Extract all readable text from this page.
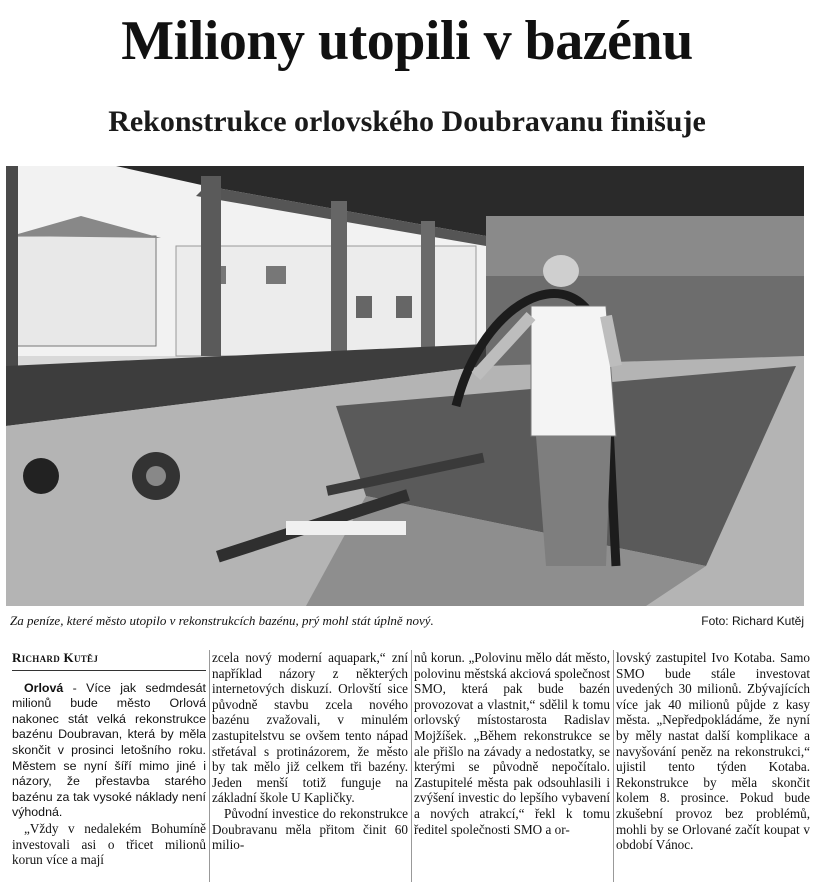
Miliony utopili v bazénu
Rekonstrukce orlovského Doubravanu finišuje
Za peníze, které město utopilo v rekonstrukcích bazénu, prý mohl stát úplně nový.	Foto: Richard Kutěj

Richard Kutěj

Orlová - Více jak sedmdesát milionů bude město Orlová nakonec stát velká rekonstrukce bazénu Doubravan, která by měla skončit v prosinci letošního roku. Městem se nyní šíří mimo jiné i názory, že přestavba starého bazénu za tak vysoké náklady není výhodná.

„Vždy v nedalekém Bohumíně investovali asi o třicet milionů korun více a mají

zcela nový moderní aquapark,“ zní například názory z některých internetových diskuzí. Orlovští sice původně stavbu zcela nového bazénu zvažovali, v minulém zastupitelstvu se ovšem tento nápad střetával s protinázorem, že město by tak mělo již celkem tři bazény. Jeden menší totiž funguje na základní škole U Kapličky.

Původní investice do rekonstrukce Doubravanu měla přitom činit 60 milio-

nů korun. „Polovinu mělo dát město, polovinu městská akciová společnost SMO, která pak bude bazén provozovat a vlastnit,“ sdělil k tomu orlovský místostarosta Radislav Mojžíšek. „Během rekonstrukce se ale přišlo na závady a nedostatky, se kterými se původně nepočítalo. Zastupitelé města pak odsouhlasili i zvýšení investic do lepšího vybavení a nových atrakcí,“ řekl k tomu ředitel společnosti SMO a or-

lovský zastupitel Ivo Kotaba. Samo SMO bude stále investovat uvedených 30 milionů. Zbývajících více jak 40 milionů půjde z kasy města. „Nepředpokládáme, že nyní by měly nastat další komplikace a navyšování peněz na rekonstrukci,“ ujistil tento týden Kotaba. Rekonstrukce by měla skončit kolem 8. prosince. Pokud bude zkušební provoz bez problémů, mohli by se Orlované začít koupat v období Vánoc.
